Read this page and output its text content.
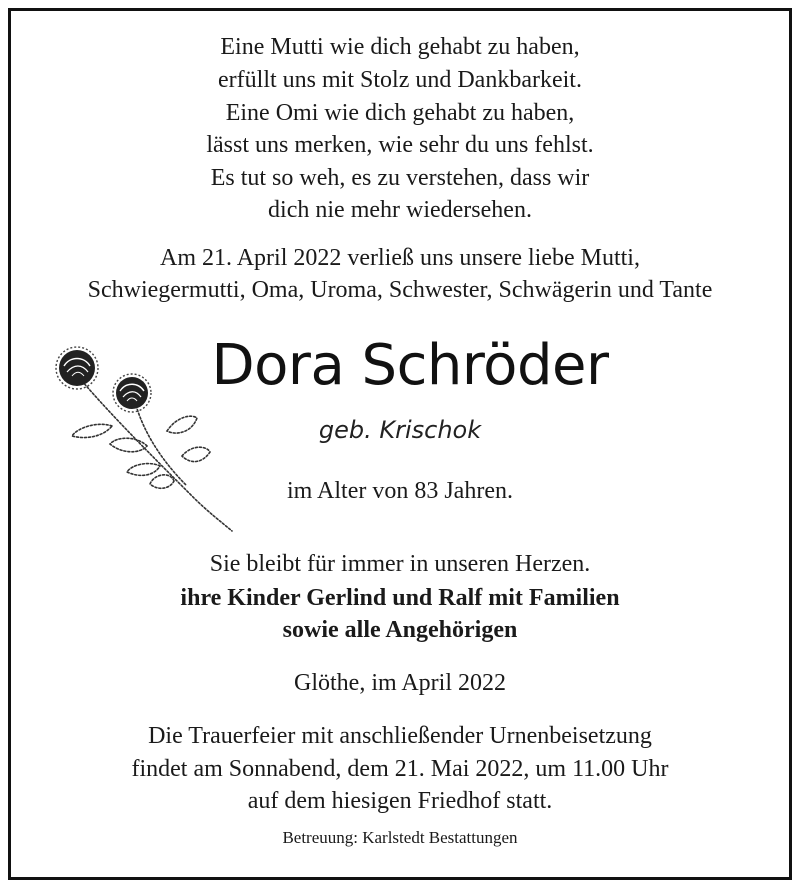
Eine Mutti wie dich gehabt zu haben,
erfüllt uns mit Stolz und Dankbarkeit.
Eine Omi wie dich gehabt zu haben,
lässt uns merken, wie sehr du uns fehlst.
Es tut so weh, es zu verstehen, dass wir
dich nie mehr wiedersehen.
Am 21. April 2022 verließ uns unsere liebe Mutti,
Schwiegermutti, Oma, Uroma, Schwester, Schwägerin und Tante
Dora Schröder
geb. Krischok
im Alter von 83 Jahren.
Sie bleibt für immer in unseren Herzen.
ihre Kinder Gerlind und Ralf mit Familien
sowie alle Angehörigen
Glöthe, im April 2022
Die Trauerfeier mit anschließender Urnenbeisetzung
findet am Sonnabend, dem 21. Mai 2022, um 11.00 Uhr
auf dem hiesigen Friedhof statt.
Betreuung: Karlstedt Bestattungen
